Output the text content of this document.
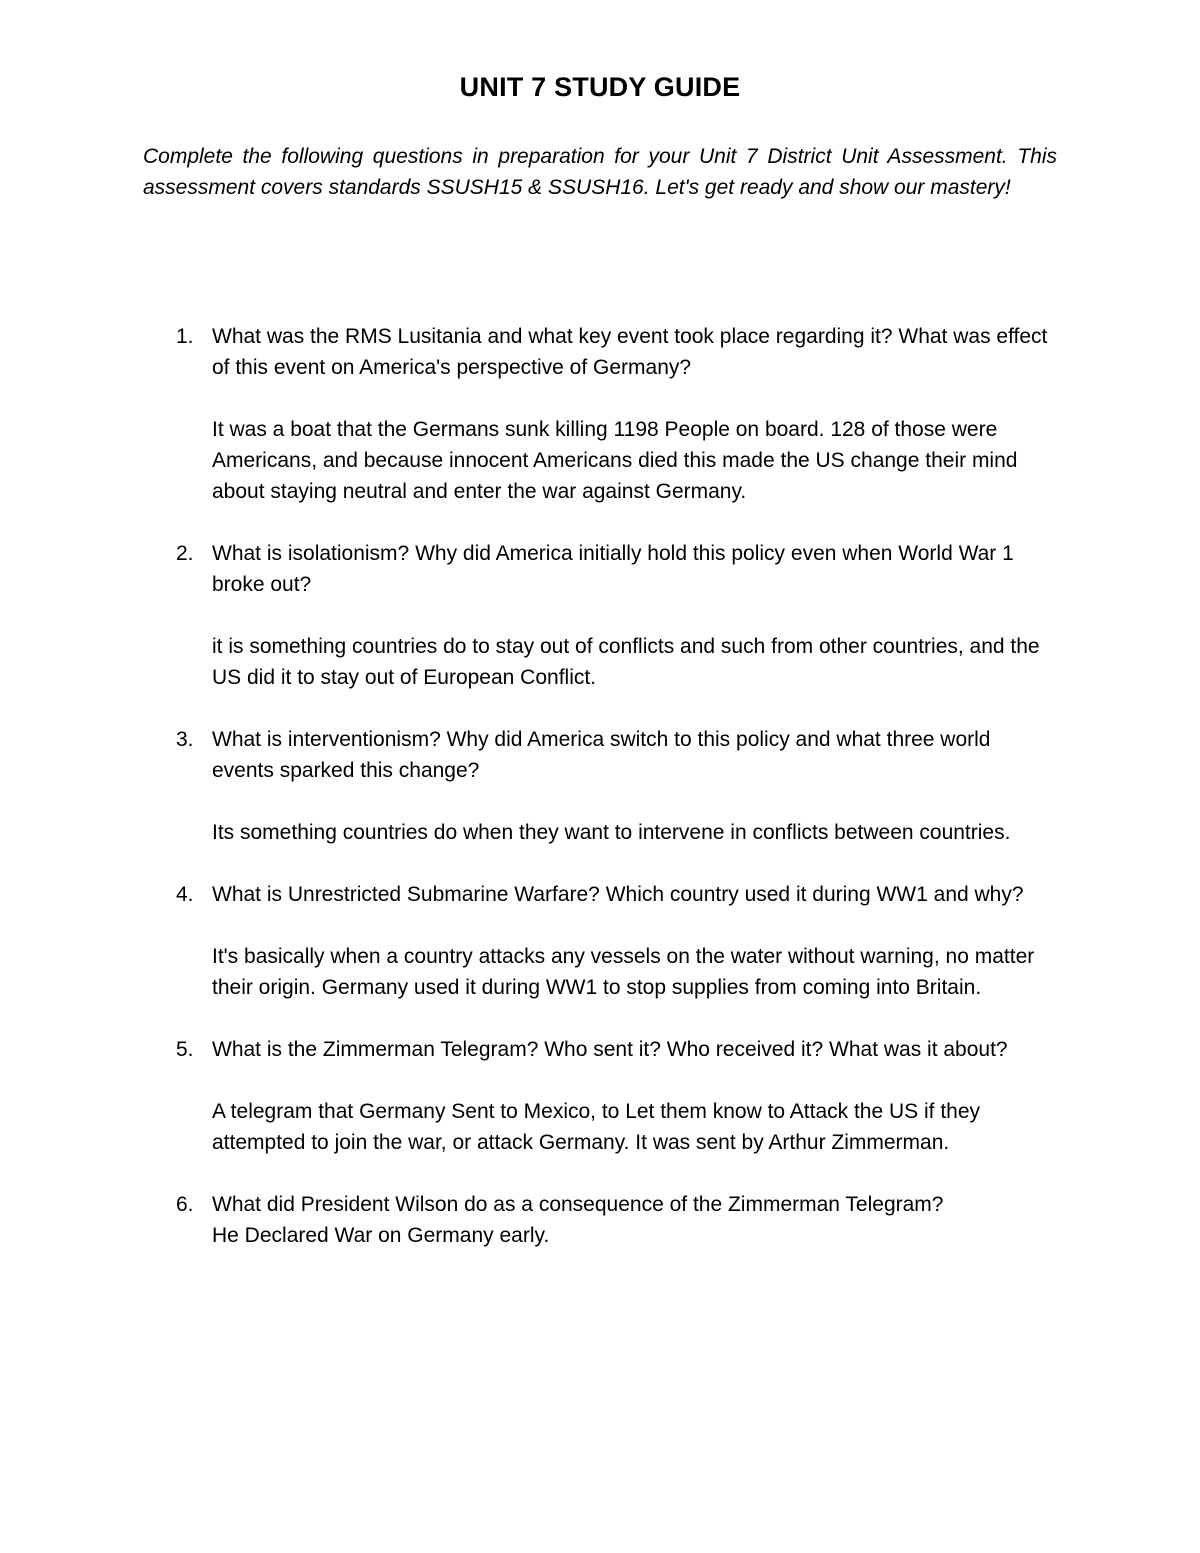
UNIT 7 STUDY GUIDE

Complete the following questions in preparation for your Unit 7 District Unit Assessment. This assessment covers standards SSUSH15 & SSUSH16. Let's get ready and show our mastery!

1. What was the RMS Lusitania and what key event took place regarding it? What was effect of this event on America's perspective of Germany?

It was a boat that the Germans sunk killing 1198 People on board. 128 of those were Americans, and because innocent Americans died this made the US change their mind about staying neutral and enter the war against Germany.

2. What is isolationism? Why did America initially hold this policy even when World War 1 broke out?

it is something countries do to stay out of conflicts and such from other countries, and the US did it to stay out of European Conflict.

3. What is interventionism? Why did America switch to this policy and what three world events sparked this change?

Its something countries do when they want to intervene in conflicts between countries.

4. What is Unrestricted Submarine Warfare? Which country used it during WW1 and why?

It's basically when a country attacks any vessels on the water without warning, no matter their origin. Germany used it during WW1 to stop supplies from coming into Britain.

5. What is the Zimmerman Telegram? Who sent it? Who received it? What was it about?

A telegram that Germany Sent to Mexico, to Let them know to Attack the US if they attempted to join the war, or attack Germany. It was sent by Arthur Zimmerman.

6. What did President Wilson do as a consequence of the Zimmerman Telegram?

He Declared War on Germany early.
